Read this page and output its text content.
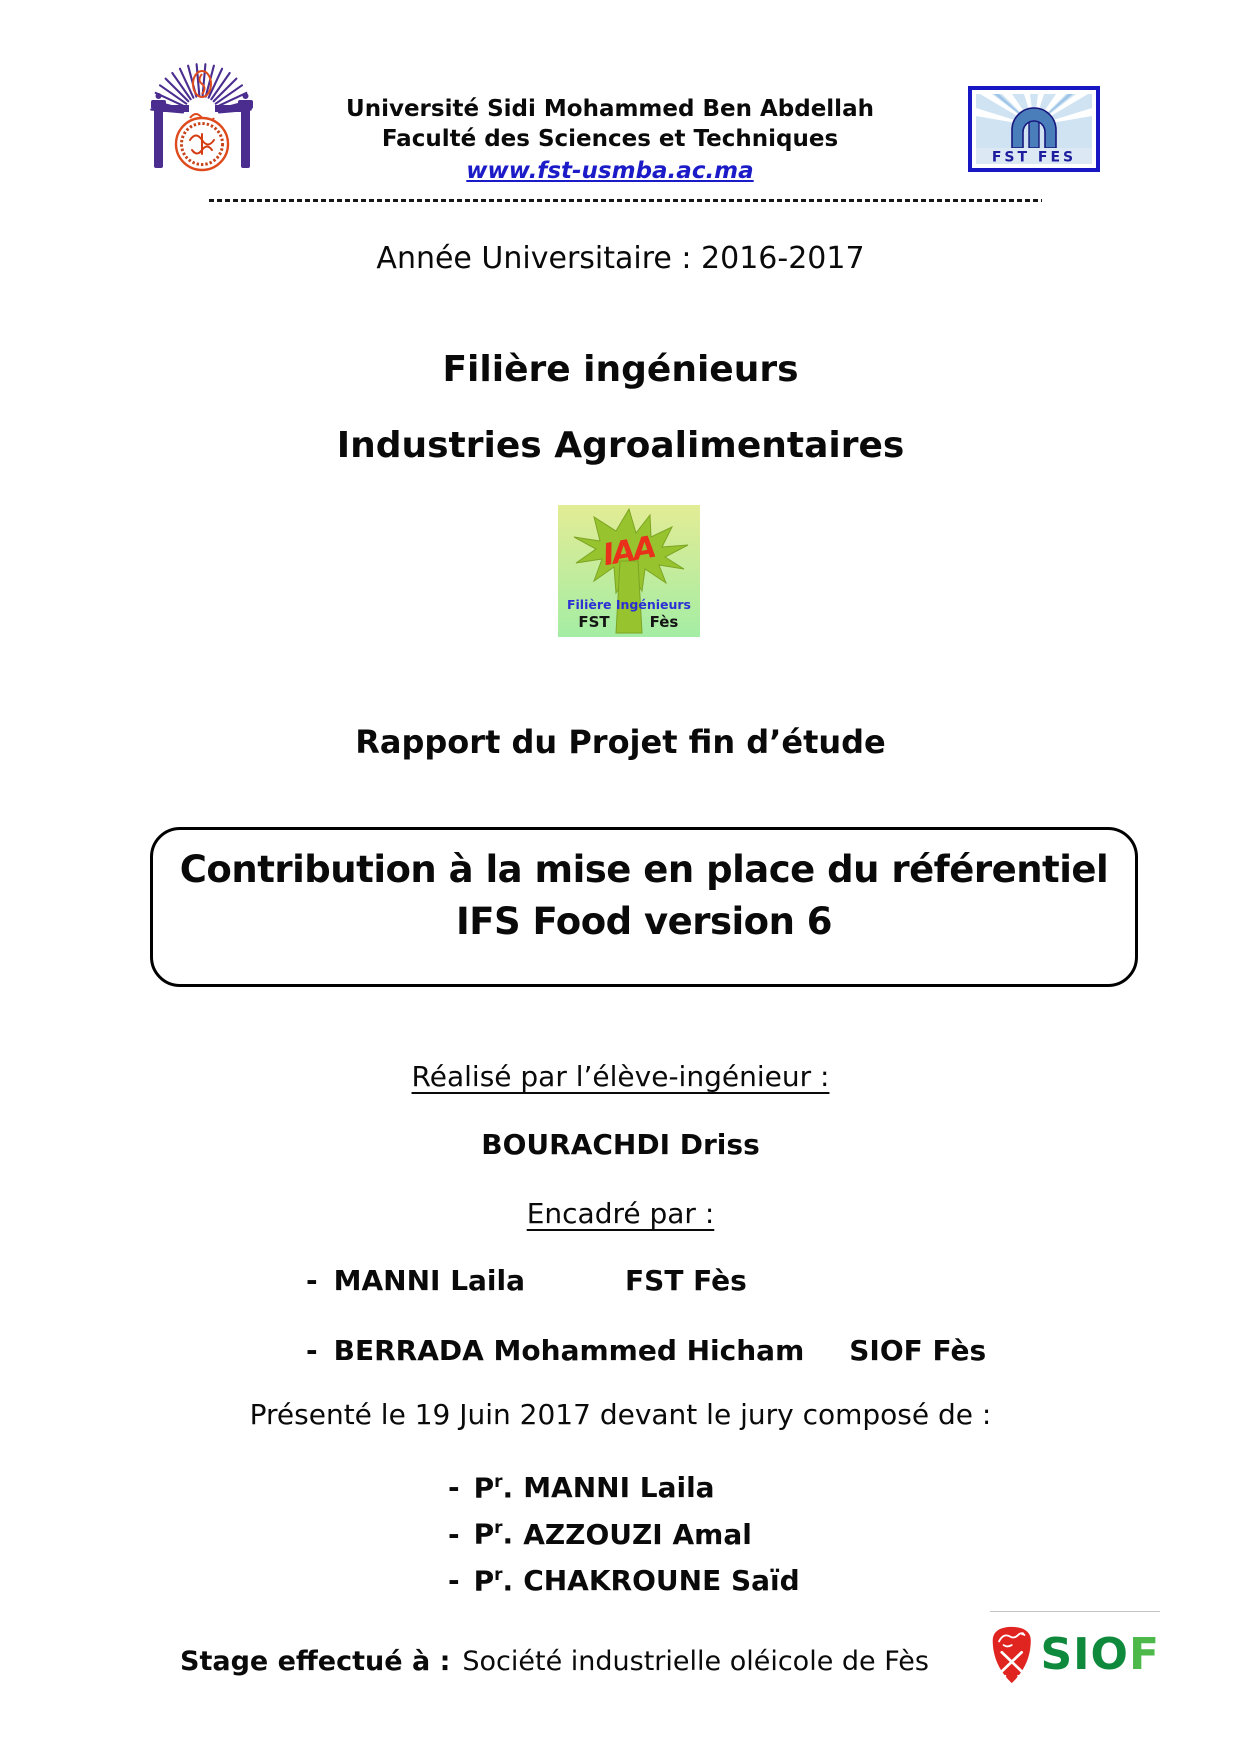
Université Sidi Mohammed Ben Abdellah
Faculté des Sciences et Techniques
www.fst-usmba.ac.ma
FST FES
Année Universitaire : 2016-2017
Filière ingénieurs
Industries Agroalimentaires
IAA
Filière Ingénieurs
FST	Fès
Rapport du Projet fin d’étude
Contribution à la mise en place du référentiel
IFS Food version 6
Réalisé par l’élève-ingénieur :
BOURACHDI Driss
Encadré par :
- MANNI Laila	FST Fès
- BERRADA Mohammed Hicham SIOF Fès
Présenté le 19 Juin 2017 devant le jury composé de :
- $P^r$. MANNI Laila
- $P^r$. AZZOUZI Amal
- $P^r$. CHAKROUNE Saïd
Stage effectué à : Société industrielle oléicole de Fès	SIOF
